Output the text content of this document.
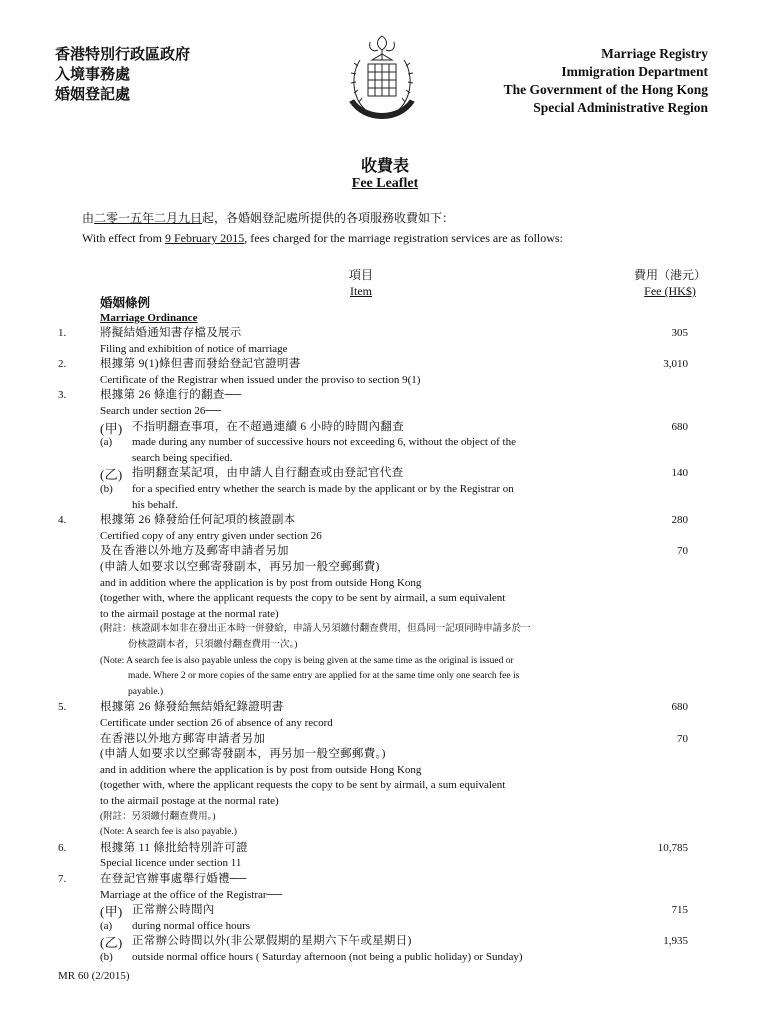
香港特別行政區政府
入境事務處
婚姻登記處
Marriage Registry
Immigration Department
The Government of the Hong Kong
Special Administrative Region
收費表
Fee Leaflet
由二零一五年二月九日起，各婚姻登記處所提供的各項服務收費如下：
With effect from 9 February 2015, fees charged for the marriage registration services are as follows:
項目
Item
費用（港元）
Fee (HK$)
婚姻條例
Marriage Ordinance
1.	將擬結婚通知書存檔及展示	305
Filing and exhibition of notice of marriage
2.	根據第 9(1)條但書而發給登記官證明書	3,010
Certificate of the Registrar when issued under the proviso to section 9(1)
3.	根據第 26 條進行的翻查──
Search under section 26──
(甲) 不指明翻查事項，在不超過連續 6 小時的時間內翻查	680
(a) made during any number of successive hours not exceeding 6, without the object of the
search being specified.
(乙) 指明翻查某記項，由申請人自行翻查或由登記官代查	140
(b) for a specified entry whether the search is made by the applicant or by the Registrar on
his behalf.
4.	根據第 26 條發給任何記項的核證副本	280
Certified copy of any entry given under section 26
及在香港以外地方及郵寄申請者另加	70
(申請人如要求以空郵寄發副本，再另加一般空郵郵費)
and in addition where the application is by post from outside Hong Kong
(together with, where the applicant requests the copy to be sent by airmail, a sum equivalent
to the airmail postage at the normal rate)
(附註：核證副本如非在發出正本時一併發給，申請人另須繳付翻查費用，但爲同一記項同時申請多於一
份核證副本者，只須繳付翻查費用一次。)
(Note: A search fee is also payable unless the copy is being given at the same time as the original is issued or
made. Where 2 or more copies of the same entry are applied for at the same time only one search fee is
payable.)
5.	根據第 26 條發給無結婚紀錄證明書	680
Certificate under section 26 of absence of any record
在香港以外地方郵寄申請者另加	70
(申請人如要求以空郵寄發副本，再另加一般空郵郵費。)
and in addition where the application is by post from outside Hong Kong
(together with, where the applicant requests the copy to be sent by airmail, a sum equivalent
to the airmail postage at the normal rate)
(附註：另須繳付翻查費用。)
(Note: A search fee is also payable.)
6.	根據第 11 條批給特別許可證	10,785
Special licence under section 11
7.	在登記官辦事處舉行婚禮──
Marriage at the office of the Registrar──
(甲) 正常辦公時間內	715
(a) during normal office hours
(乙) 正常辦公時間以外(非公眾假期的星期六下午或星期日)	1,935
(b) outside normal office hours ( Saturday afternoon (not being a public holiday) or Sunday)
MR 60 (2/2015)
